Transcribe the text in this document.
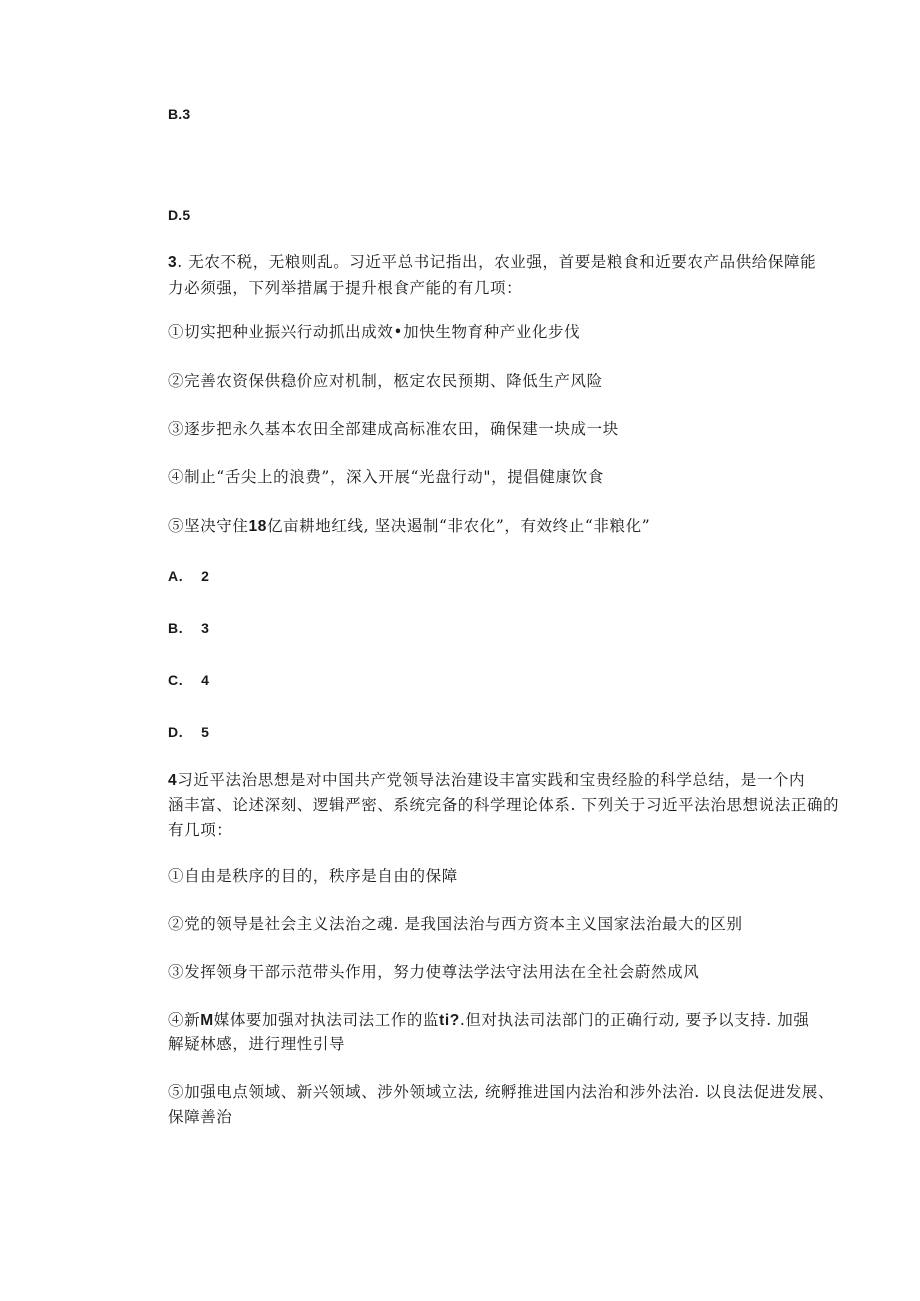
B.3
D.5
3. 无农不税，无粮则乱。习近平总书记指出，农业强，首要是粮食和近要农产品供给保障能
力必须强，下列举措属于提升根食产能的有几项：
①切实把种业振兴行动抓出成效•加快生物育种产业化步伐
②完善农资保供稳价应对机制，柩定农民预期、降低生产风险
③逐步把永久基本农田全部建成高标准农田，确保建一块成一块
④制止“舌尖上的浪费”，深入开展“光盘行动"，提倡健康饮食
⑤坚决守住18亿亩耕地红线, 坚决遏制“非农化”，有效终止“非粮化”
A.    2
B.    3
C.    4
D.    5
4习近平法治思想是对中国共产党领导法治建设丰富实践和宝贵经脸的科学总结，是一个内
涵丰富、论述深刻、逻辑严密、系统完备的科学理论体系. 下列关于习近平法治思想说法正确的
有几项：
①自由是秩序的目的，秩序是自由的保障
②党的领导是社会主义法治之魂. 是我国法治与西方资本主义国家法治最大的区别
③发挥领身干部示范带头作用，努力使尊法学法守法用法在全社会蔚然成风
④新M媒体要加强对执法司法工作的监ti?.但对执法司法部门的正确行动, 要予以支持. 加强
解疑林感，进行理性引导
⑤加强电点领域、新兴领域、涉外领域立法, 统孵推进国内法治和涉外法治. 以良法促进发展、
保障善治
